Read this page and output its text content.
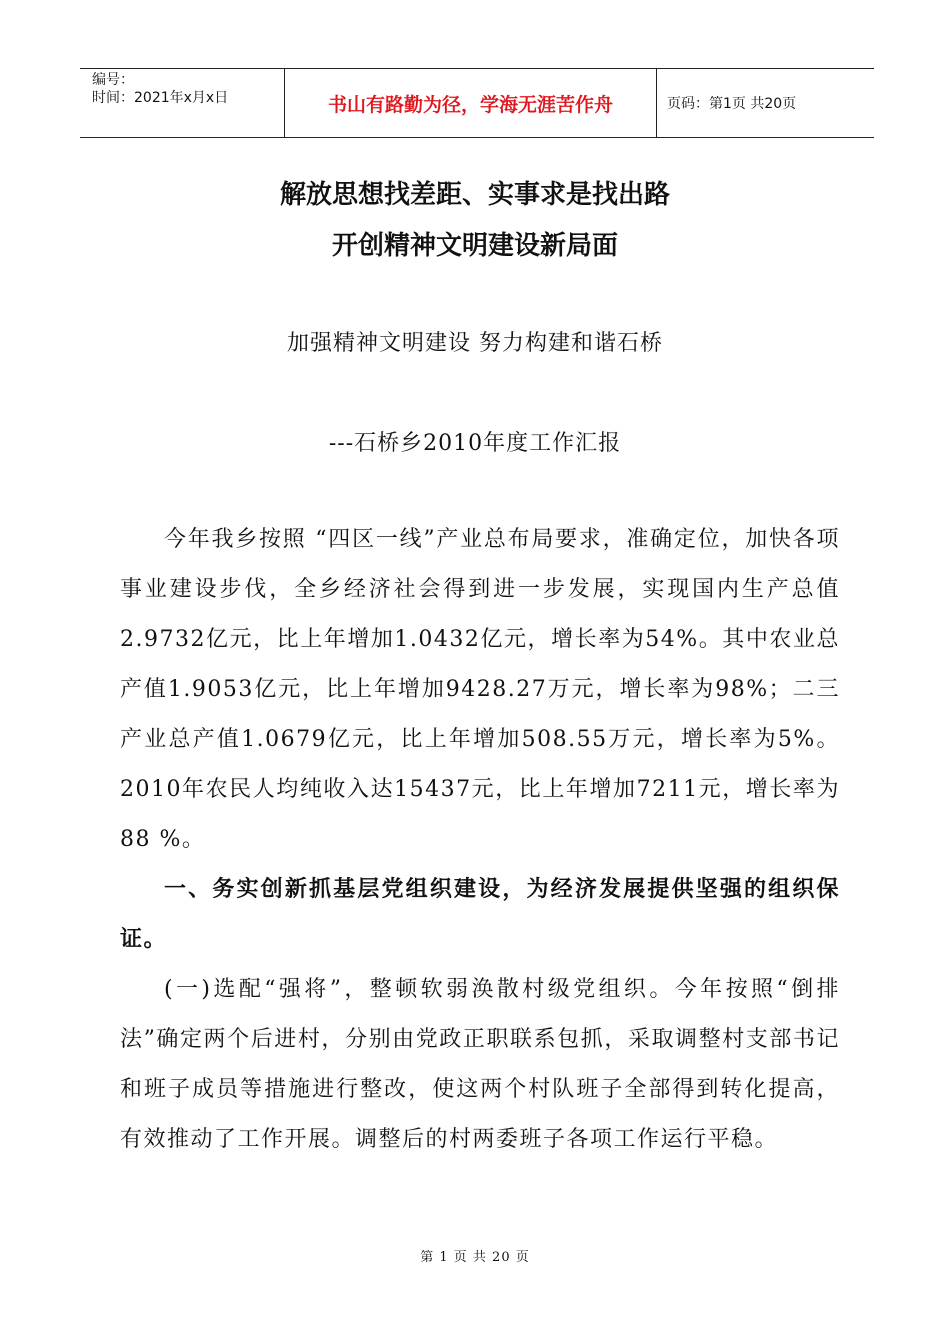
编号：
时间：2021年x月x日	书山有路勤为径，学海无涯苦作舟	页码：第1页 共20页
解放思想找差距、实事求是找出路
开创精神文明建设新局面
加强精神文明建设 努力构建和谐石桥
---石桥乡2010年度工作汇报

今年我乡按照 “四区一线”产业总布局要求，准确定位，加快各项事业建设步伐，全乡经济社会得到进一步发展，实现国内生产总值2.9732亿元，比上年增加1.0432亿元，增长率为54%。其中农业总产值1.9053亿元，比上年增加9428.27万元，增长率为98%；二三产业总产值1.0679亿元，比上年增加508.55万元，增长率为5%。2010年农民人均纯收入达15437元，比上年增加7211元，增长率为88 %。

一、务实创新抓基层党组织建设，为经济发展提供坚强的组织保证。

(一)选配“强将”，整顿软弱涣散村级党组织。今年按照“倒排法”确定两个后进村，分别由党政正职联系包抓，采取调整村支部书记和班子成员等措施进行整改，使这两个村队班子全部得到转化提高，有效推动了工作开展。调整后的村两委班子各项工作运行平稳。

第 1 页 共 20 页
